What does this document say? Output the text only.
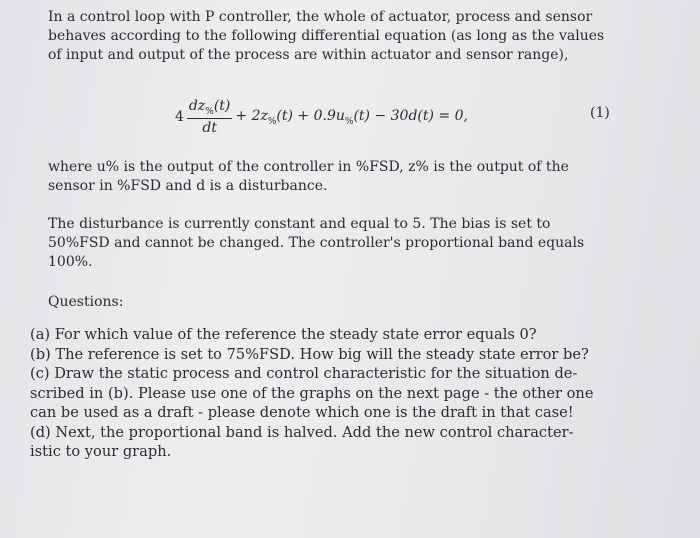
In a control loop with P controller, the whole of actuator, process and sensor
behaves according to the following differential equation (as long as the values
of input and output of the process are within actuator and sensor range),

$4 \frac{dz_{\%}(t)}{dt} + 2z_{\%}(t) + 0.9u_{\%}(t) - 30d(t) = 0$,	(1)

where u% is the output of the controller in %FSD, z% is the output of the
sensor in %FSD and d is a disturbance.

The disturbance is currently constant and equal to 5. The bias is set to
50%FSD and cannot be changed. The controller's proportional band equals
100%.

Questions:

(a) For which value of the reference the steady state error equals 0?
(b) The reference is set to 75%FSD. How big will the steady state error be?
(c) Draw the static process and control characteristic for the situation de-
scribed in (b). Please use one of the graphs on the next page - the other one
can be used as a draft - please denote which one is the draft in that case!
(d) Next, the proportional band is halved. Add the new control character-
istic to your graph.
